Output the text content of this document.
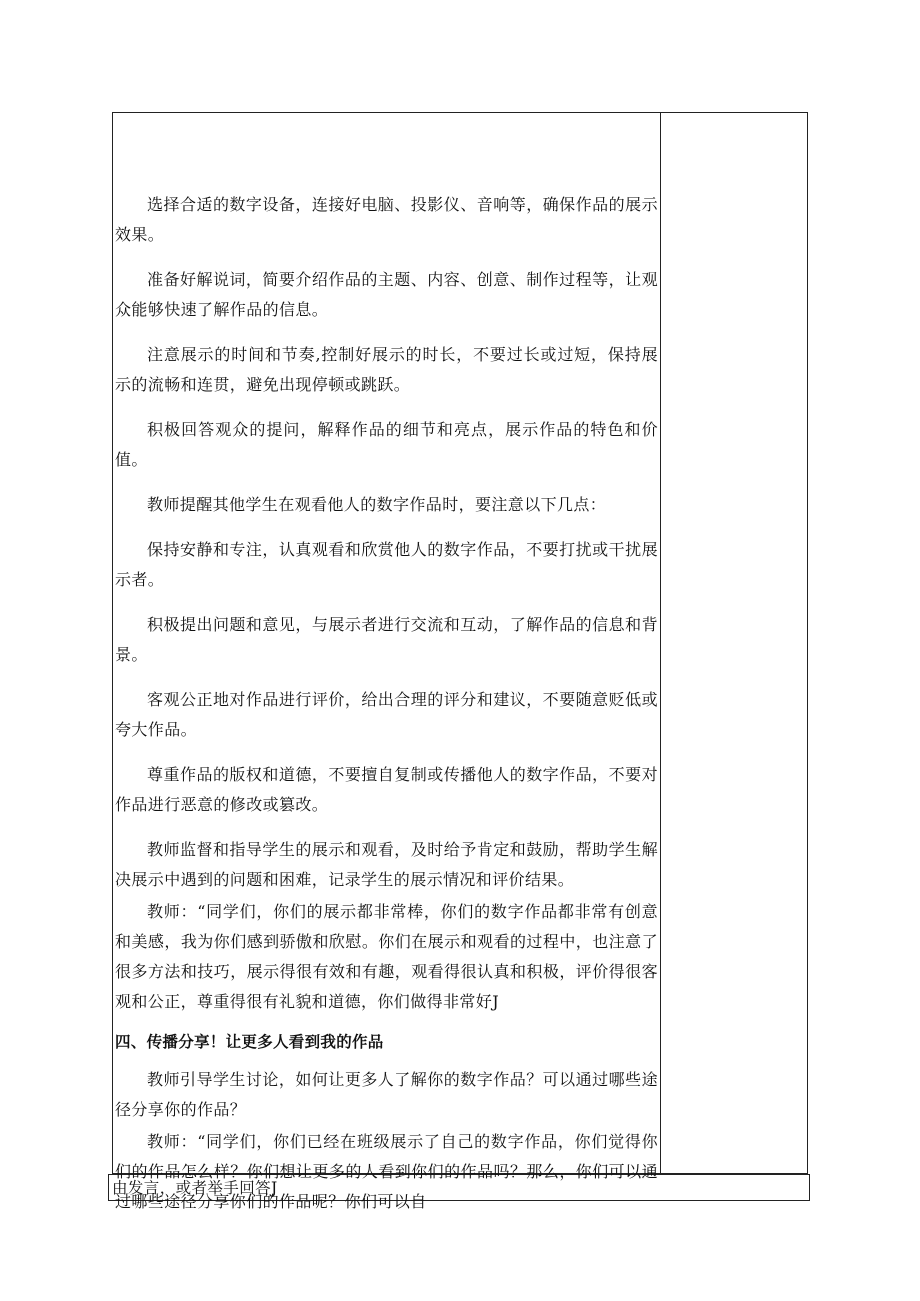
选择合适的数字设备，连接好电脑、投影仪、音响等，确保作品的展示效果。

准备好解说词，简要介绍作品的主题、内容、创意、制作过程等，让观众能够快速了解作品的信息。

注意展示的时间和节奏,控制好展示的时长，不要过长或过短，保持展示的流畅和连贯，避免出现停顿或跳跃。

积极回答观众的提问，解释作品的细节和亮点，展示作品的特色和价值。

教师提醒其他学生在观看他人的数字作品时，要注意以下几点：

保持安静和专注，认真观看和欣赏他人的数字作品，不要打扰或干扰展示者。

积极提出问题和意见，与展示者进行交流和互动，了解作品的信息和背景。

客观公正地对作品进行评价，给出合理的评分和建议，不要随意贬低或夸大作品。

尊重作品的版权和道德，不要擅自复制或传播他人的数字作品，不要对作品进行恶意的修改或篡改。

教师监督和指导学生的展示和观看，及时给予肯定和鼓励，帮助学生解决展示中遇到的问题和困难，记录学生的展示情况和评价结果。

教师：“同学们，你们的展示都非常棒，你们的数字作品都非常有创意和美感，我为你们感到骄傲和欣慰。你们在展示和观看的过程中，也注意了很多方法和技巧，展示得很有效和有趣，观看得很认真和积极，评价得很客观和公正，尊重得很有礼貌和道德，你们做得非常好J

四、传播分享！让更多人看到我的作品

教师引导学生讨论，如何让更多人了解你的数字作品？可以通过哪些途径分享你的作品？

教师：“同学们，你们已经在班级展示了自己的数字作品，你们觉得你们的作品怎么样？你们想让更多的人看到你们的作品吗？那么，你们可以通过哪些途径分享你们的作品呢？你们可以自

由发言，或者举手回答J
